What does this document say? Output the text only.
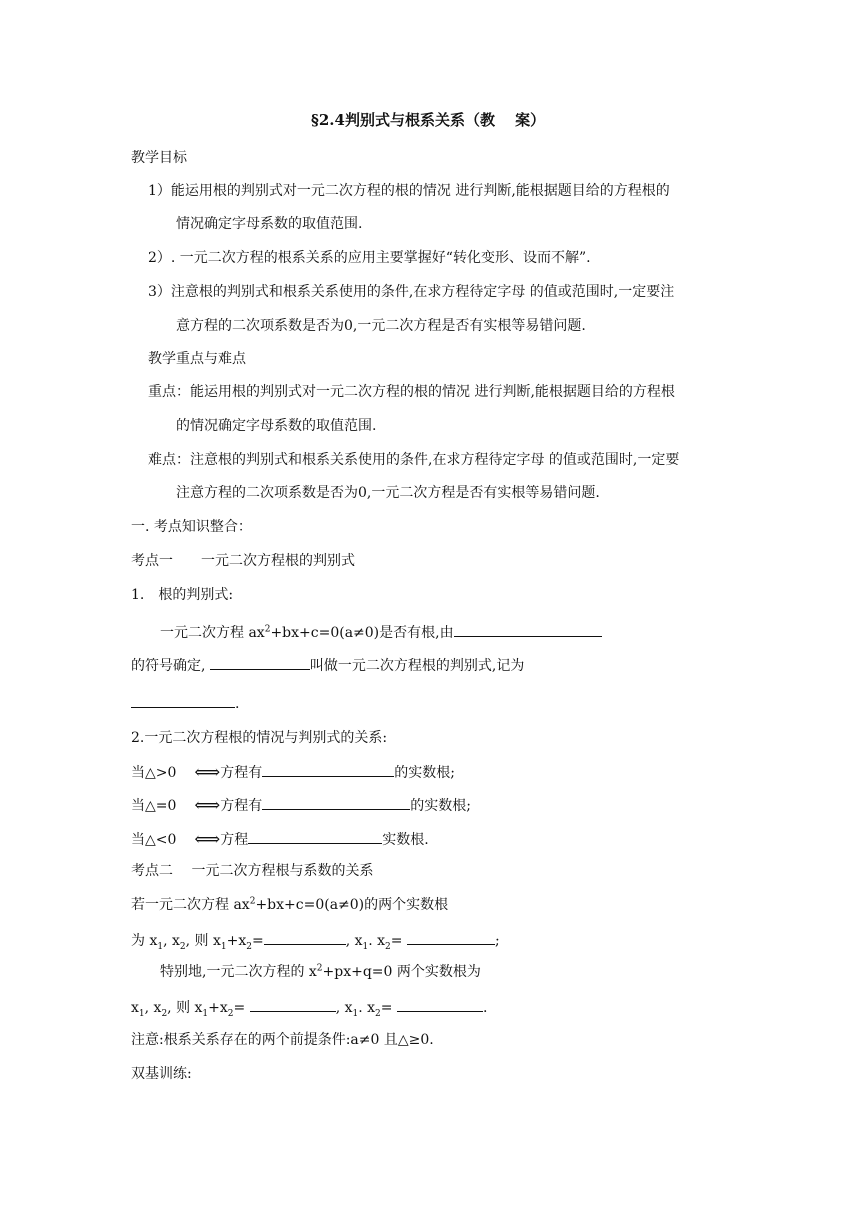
§2.4判别式与根系关系（教　 案）
教学目标
1）能运用根的判别式对一元二次方程的根的情况 进行判断,能根据题目给的方程根的
情况确定字母系数的取值范围.
2）. 一元二次方程的根系关系的应用主要掌握好“转化变形、设而不解”.
3）注意根的判别式和根系关系使用的条件,在求方程待定字母 的值或范围时,一定要注
意方程的二次项系数是否为0,一元二次方程是否有实根等易错问题.
教学重点与难点
重点：能运用根的判别式对一元二次方程的根的情况 进行判断,能根据题目给的方程根
的情况确定字母系数的取值范围.
难点：注意根的判别式和根系关系使用的条件,在求方程待定字母 的值或范围时,一定要
注意方程的二次项系数是否为0,一元二次方程是否有实根等易错问题.
一. 考点知识整合：
考点一　　一元二次方程根的判别式
1.　根的判别式:
一元二次方程 $ax^2+bx+c=0(a\ne 0)$是否有根,由
的符号确定,	叫做一元二次方程根的判别式,记为
.
2.一元二次方程根的情况与判别式的关系:
当△>0 ⟺方程有	的实数根;
当△=0 ⟺方程有	的实数根;
当△<0 ⟺方程	实数根.
考点二　 一元二次方程根与系数的关系
若一元二次方程 $ax^2+bx+c=0(a\ne 0)$的两个实数根
为 $x_1$, $x_2$, 则 $x_1+x_2=$	, $x_1$. $x_2=$	;
特别地,一元二次方程的 $x^2+px+q=0$ 两个实数根为
$x_1$, $x_2$, 则 $x_1+x_2=$	, $x_1$. $x_2=$	.
注意:根系关系存在的两个前提条件:a≠0 且△≥0.
双基训练:
